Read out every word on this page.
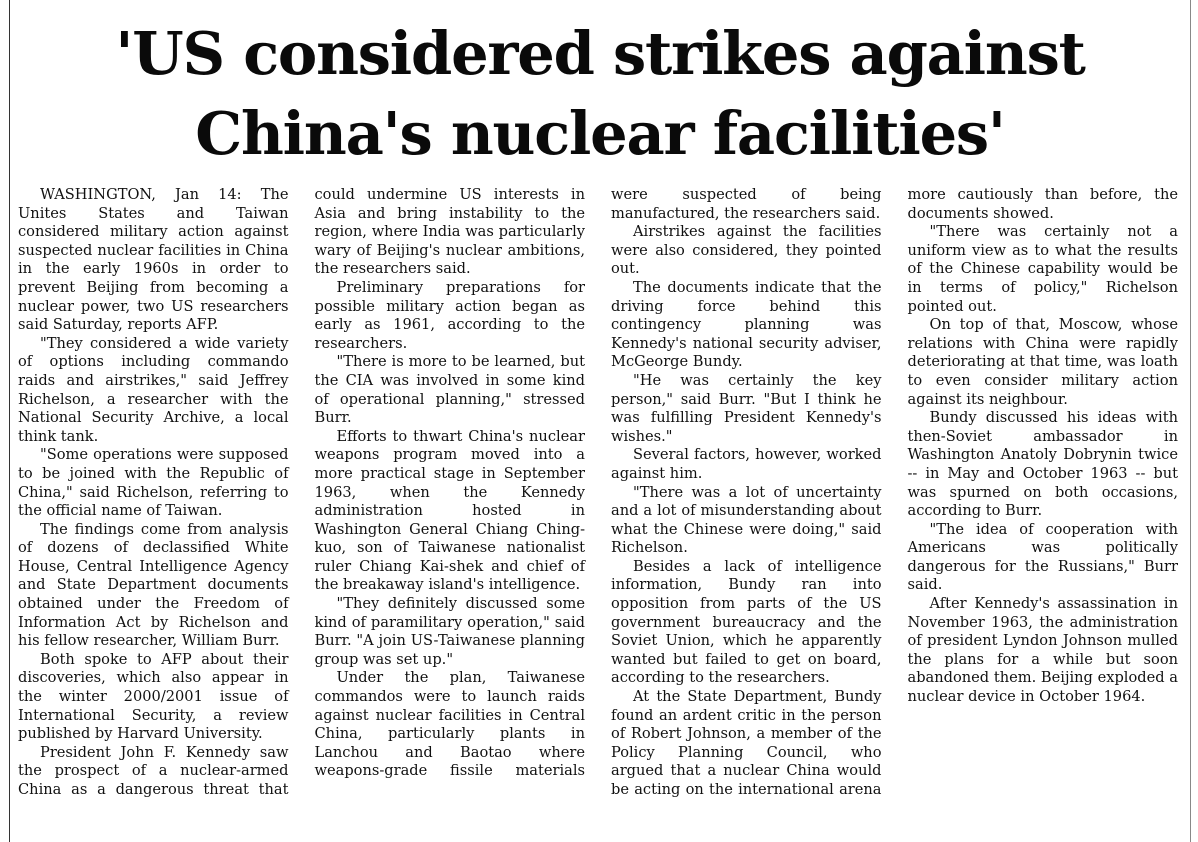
'US considered strikes against
China's nuclear facilities'

WASHINGTON, Jan 14: The Unites States and Taiwan considered military action against suspected nuclear facilities in China in the early 1960s in order to prevent Beijing from becoming a nuclear power, two US researchers said Saturday, reports AFP.

"They considered a wide variety of options including commando raids and airstrikes," said Jeffrey Richelson, a researcher with the National Security Archive, a local think tank.

"Some operations were supposed to be joined with the Republic of China," said Richelson, referring to the official name of Taiwan.

The findings come from analysis of dozens of declassified White House, Central Intelligence Agency and State Department documents obtained under the Freedom of Information Act by Richelson and his fellow researcher, William Burr.

Both spoke to AFP about their discoveries, which also appear in the winter 2000/2001 issue of International Security, a review published by Harvard University.

President John F. Kennedy saw the prospect of a nuclear-armed China as a dangerous threat that could undermine US interests in Asia and bring instability to the region, where India was particularly wary of Beijing's nuclear ambitions, the researchers said.

Preliminary preparations for possible military action began as early as 1961, according to the researchers.

"There is more to be learned, but the CIA was involved in some kind of operational planning," stressed Burr.

Efforts to thwart China's nuclear weapons program moved into a more practical stage in September 1963, when the Kennedy administration hosted in Washington General Chiang Ching-kuo, son of Taiwanese nationalist ruler Chiang Kai-shek and chief of the breakaway island's intelligence.

"They definitely discussed some kind of paramilitary operation," said Burr. "A join US-Taiwanese planning group was set up."

Under the plan, Taiwanese commandos were to launch raids against nuclear facilities in Central China, particularly plants in Lanchou and Baotao where weapons-grade fissile materials were suspected of being manufactured, the researchers said.

Airstrikes against the facilities were also considered, they pointed out.

The documents indicate that the driving force behind this contingency planning was Kennedy's national security adviser, McGeorge Bundy.

"He was certainly the key person," said Burr. "But I think he was fulfilling President Kennedy's wishes."

Several factors, however, worked against him.

"There was a lot of uncertainty and a lot of misunderstanding about what the Chinese were doing," said Richelson.

Besides a lack of intelligence information, Bundy ran into opposition from parts of the US government bureaucracy and the Soviet Union, which he apparently wanted but failed to get on board, according to the researchers.

At the State Department, Bundy found an ardent critic in the person of Robert Johnson, a member of the Policy Planning Council, who argued that a nuclear China would be acting on the international arena more cautiously than before, the documents showed.

"There was certainly not a uniform view as to what the results of the Chinese capability would be in terms of policy," Richelson pointed out.

On top of that, Moscow, whose relations with China were rapidly deteriorating at that time, was loath to even consider military action against its neighbour.

Bundy discussed his ideas with then-Soviet ambassador in Washington Anatoly Dobrynin twice -- in May and October 1963 -- but was spurned on both occasions, according to Burr.

"The idea of cooperation with Americans was politically dangerous for the Russians," Burr said.

After Kennedy's assassination in November 1963, the administration of president Lyndon Johnson mulled the plans for a while but soon abandoned them. Beijing exploded a nuclear device in October 1964.
